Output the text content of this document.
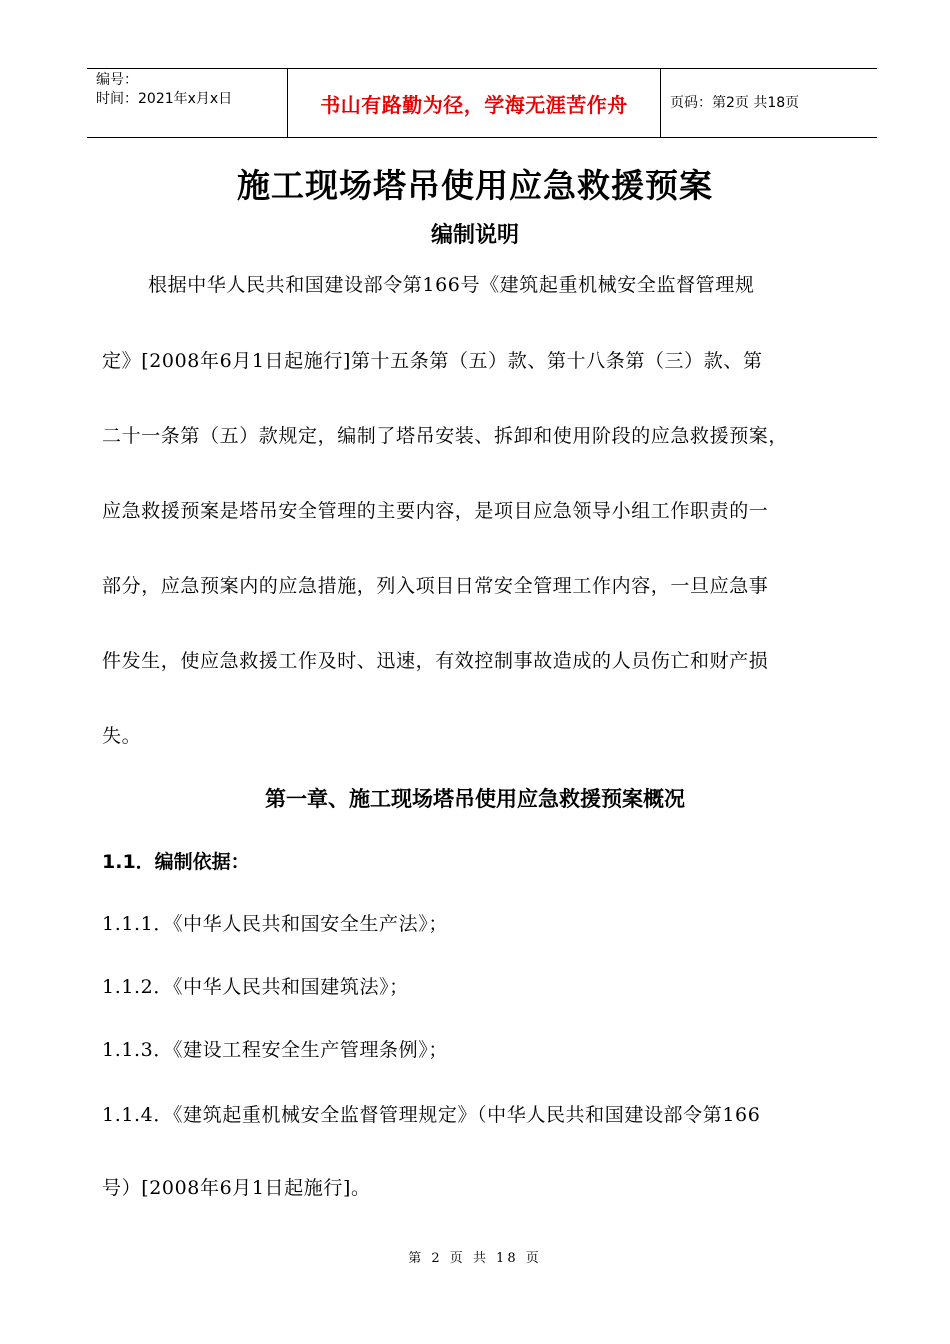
编号：
时间：2021年x月x日	书山有路勤为径，学海无涯苦作舟	页码：第2页 共18页
施工现场塔吊使用应急救援预案
编制说明
根据中华人民共和国建设部令第166号《建筑起重机械安全监督管理规
定》[2008年6月1日起施行]第十五条第（五）款、第十八条第（三）款、第
二十一条第（五）款规定，编制了塔吊安装、拆卸和使用阶段的应急救援预案，
应急救援预案是塔吊安全管理的主要内容，是项目应急领导小组工作职责的一
部分，应急预案内的应急措施，列入项目日常安全管理工作内容，一旦应急事
件发生，使应急救援工作及时、迅速，有效控制事故造成的人员伤亡和财产损
失。
第一章、施工现场塔吊使用应急救援预案概况
1.1．编制依据：
1.1.1．《中华人民共和国安全生产法》；
1.1.2．《中华人民共和国建筑法》；
1.1.3．《建设工程安全生产管理条例》；
1.1.4．《建筑起重机械安全监督管理规定》（中华人民共和国建设部令第166
号）[2008年6月1日起施行]。
第 2 页 共 18 页
